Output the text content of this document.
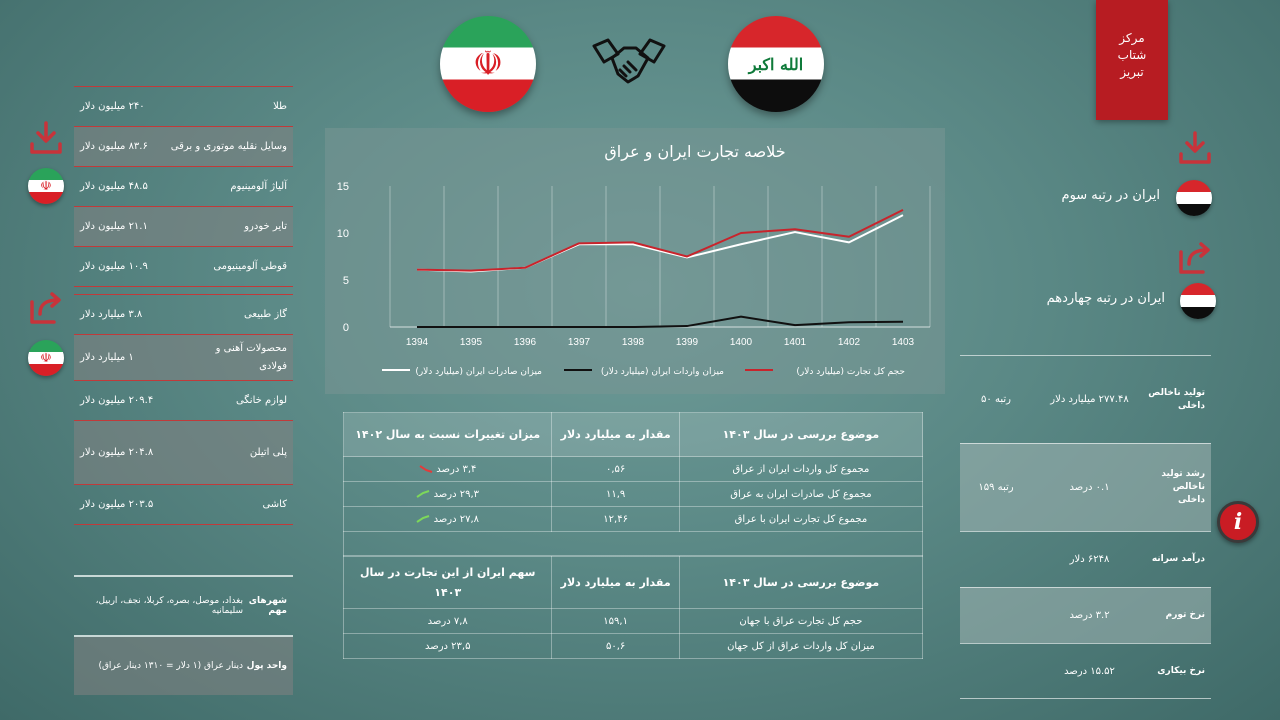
☫	الله اكبر
مرکز
شتاب
تبریز
☫
☫
طلا
۲۴۰ میلیون دلار
وسایل نقلیه موتوری و برقی
۸۳.۶ میلیون دلار
آلیاژ آلومینیوم
۴۸.۵ میلیون دلار
تایر خودرو
۲۱.۱ میلیون دلار
قوطی آلومینیومی
۱۰.۹ میلیون دلار
گاز طبیعی
۳.۸ میلیارد دلار
محصولات آهنی و فولادی
۱ میلیارد دلار
لوازم خانگی
۲۰۹.۴ میلیون دلار
پلی اتیلن
۲۰۴.۸ میلیون دلار
کاشی
۲۰۳.۵ میلیون دلار
شهرهای مهم
بغداد، موصل، بصره، کربلا، نجف، اربیل، سلیمانیه
واحد پول
دینار عراق (۱ دلار = ۱۳۱۰ دینار عراق)
خلاصه تجارت ایران و عراق
0
5
10
15
1394	1395	1396	1397	1398	1399	1400	1401	1402	1403
میزان صادرات ایران (میلیارد دلار)	میزان واردات ایران (میلیارد دلار)	حجم کل تجارت (میلیارد دلار)
موضوع بررسی در سال ۱۴۰۳	مقدار به میلیارد دلار	میزان تغییرات نسبت به سال ۱۴۰۲
مجموع کل واردات ایران از عراق	۰,۵۶	۳,۴ درصد
مجموع کل صادرات ایران به عراق	۱۱,۹	۲۹,۳ درصد
مجموع کل تجارت ایران با عراق	۱۲,۴۶	۲۷,۸ درصد

موضوع بررسی در سال ۱۴۰۳	مقدار به میلیارد دلار	سهم ایران از این تجارت در سال ۱۴۰۳
حجم کل تجارت عراق با جهان	۱۵۹,۱	۷,۸ درصد
میزان کل واردات عراق از کل جهان	۵۰,۶	۲۳,۵ درصد
ایران در رتبه سوم
ایران در رتبه چهاردهم
تولید ناخالص داخلی
۲۷۷.۴۸ میلیارد دلار
رتبه ۵۰
رشد تولید ناخالص داخلی
۰.۱ درصد
رتبه ۱۵۹
درآمد سرانه
۶۲۴۸ دلار
نرخ تورم
۳.۲ درصد
نرخ بیکاری
۱۵.۵۲ درصد
i
